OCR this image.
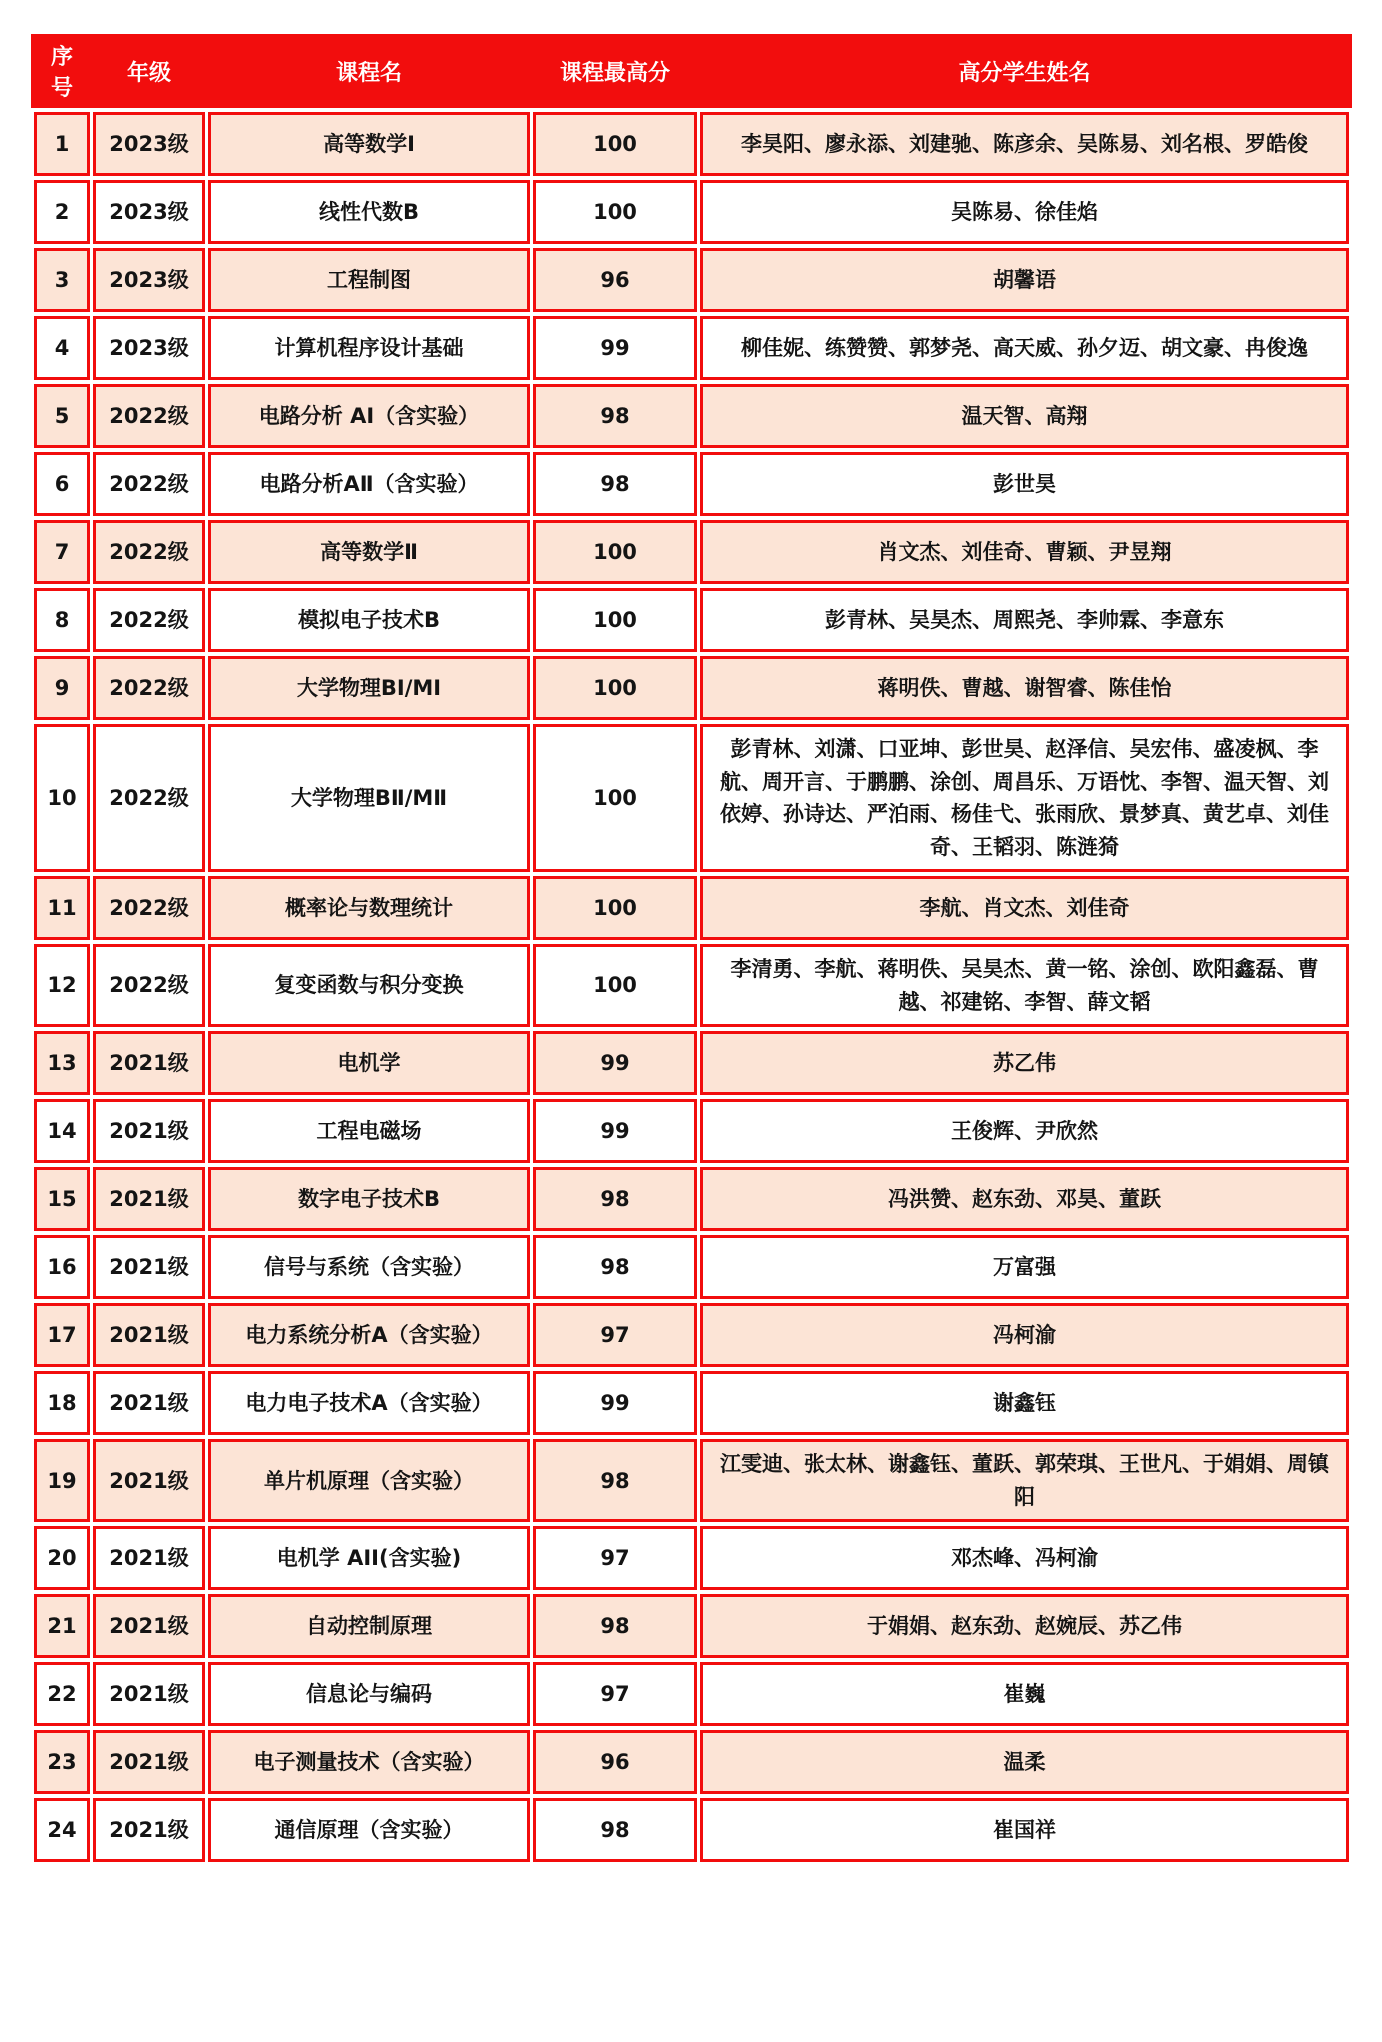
序号	年级	课程名	课程最高分	高分学生姓名
1	2023级	高等数学Ⅰ	100	李昊阳、廖永添、刘建驰、陈彦余、吴陈易、刘名根、罗皓俊
2	2023级	线性代数B	100	吴陈易、徐佳焰
3	2023级	工程制图	96	胡馨语
4	2023级	计算机程序设计基础	99	柳佳妮、练赞赞、郭梦尧、高天威、孙夕迈、胡文豪、冉俊逸
5	2022级	电路分析 AI（含实验）	98	温天智、高翔
6	2022级	电路分析AⅡ（含实验）	98	彭世昊
7	2022级	高等数学Ⅱ	100	肖文杰、刘佳奇、曹颖、尹昱翔
8	2022级	模拟电子技术B	100	彭青林、吴昊杰、周熙尧、李帅霖、李意东
9	2022级	大学物理BⅠ/MⅠ	100	蒋明佚、曹越、谢智睿、陈佳怡
10	2022级	大学物理BⅡ/MⅡ	100	彭青林、刘潇、口亚坤、彭世昊、赵泽信、吴宏伟、盛凌枫、李航、周开言、于鹏鹏、涂创、周昌乐、万语忱、李智、温天智、刘依婷、孙诗达、严泊雨、杨佳弋、张雨欣、景梦真、黄艺卓、刘佳奇、王韬羽、陈涟猗
11	2022级	概率论与数理统计	100	李航、肖文杰、刘佳奇
12	2022级	复变函数与积分变换	100	李清勇、李航、蒋明佚、吴昊杰、黄一铭、涂创、欧阳鑫磊、曹越、祁建铭、李智、薛文韬
13	2021级	电机学	99	苏乙伟
14	2021级	工程电磁场	99	王俊辉、尹欣然
15	2021级	数字电子技术B	98	冯洪赞、赵东劲、邓昊、董跃
16	2021级	信号与系统（含实验）	98	万富强
17	2021级	电力系统分析A（含实验）	97	冯柯渝
18	2021级	电力电子技术A（含实验）	99	谢鑫钰
19	2021级	单片机原理（含实验）	98	江雯迪、张太林、谢鑫钰、董跃、郭荣琪、王世凡、于娟娟、周镇阳
20	2021级	电机学 AII(含实验)	97	邓杰峰、冯柯渝
21	2021级	自动控制原理	98	于娟娟、赵东劲、赵婉辰、苏乙伟
22	2021级	信息论与编码	97	崔巍
23	2021级	电子测量技术（含实验）	96	温柔
24	2021级	通信原理（含实验）	98	崔国祥
